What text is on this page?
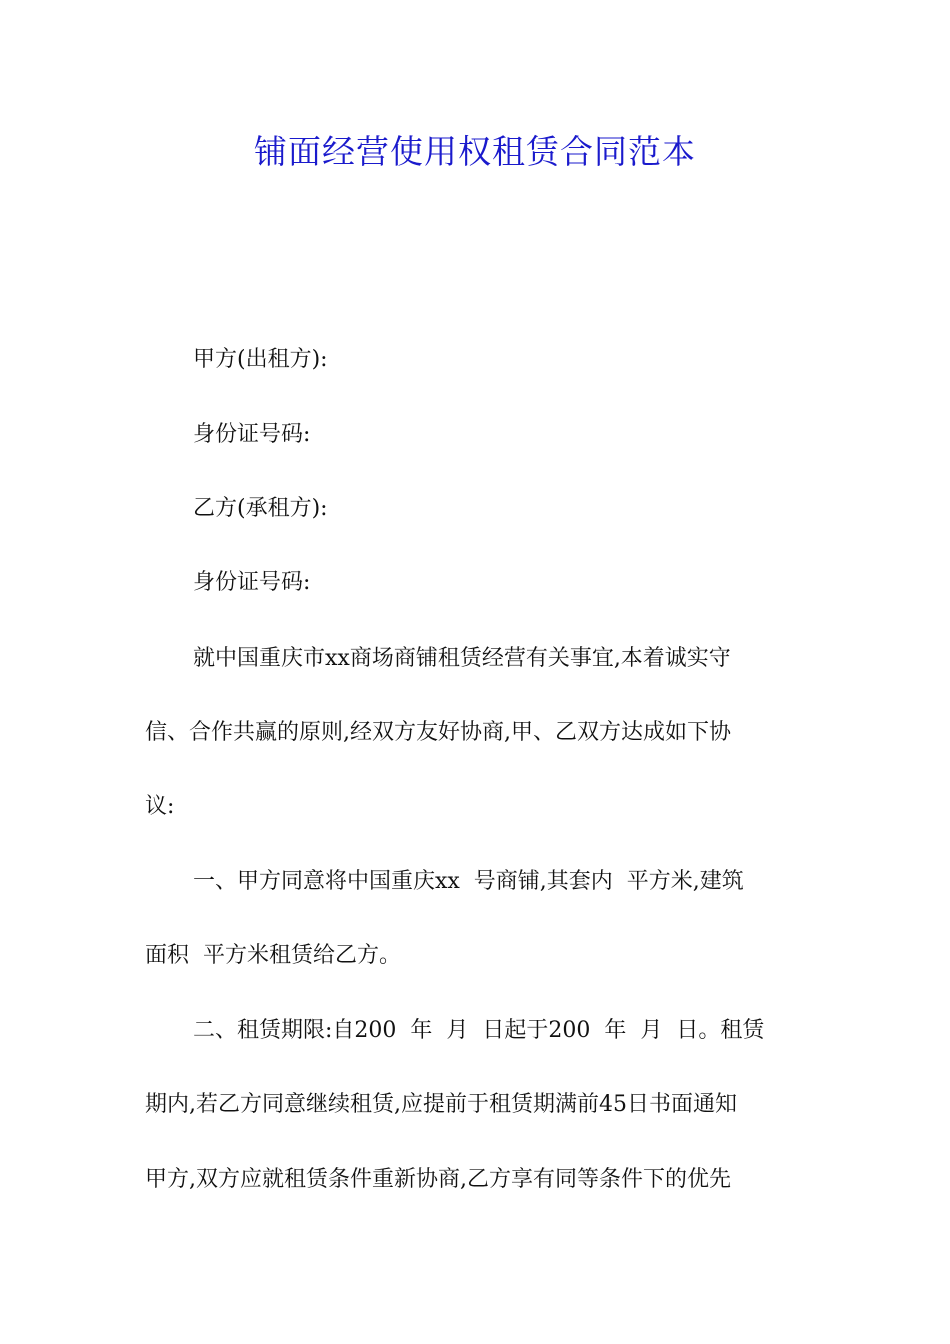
铺面经营使用权租赁合同范本
甲方(出租方):
身份证号码:
乙方(承租方):
身份证号码:
就中国重庆市xx商场商铺租赁经营有关事宜,本着诚实守
信、合作共赢的原则,经双方友好协商,甲、乙双方达成如下协
议:
一、甲方同意将中国重庆xx  号商铺,其套内  平方米,建筑
面积  平方米租赁给乙方。
二、租赁期限:自200  年  月  日起于200  年  月  日。租赁
期内,若乙方同意继续租赁,应提前于租赁期满前45日书面通知
甲方,双方应就租赁条件重新协商,乙方享有同等条件下的优先
